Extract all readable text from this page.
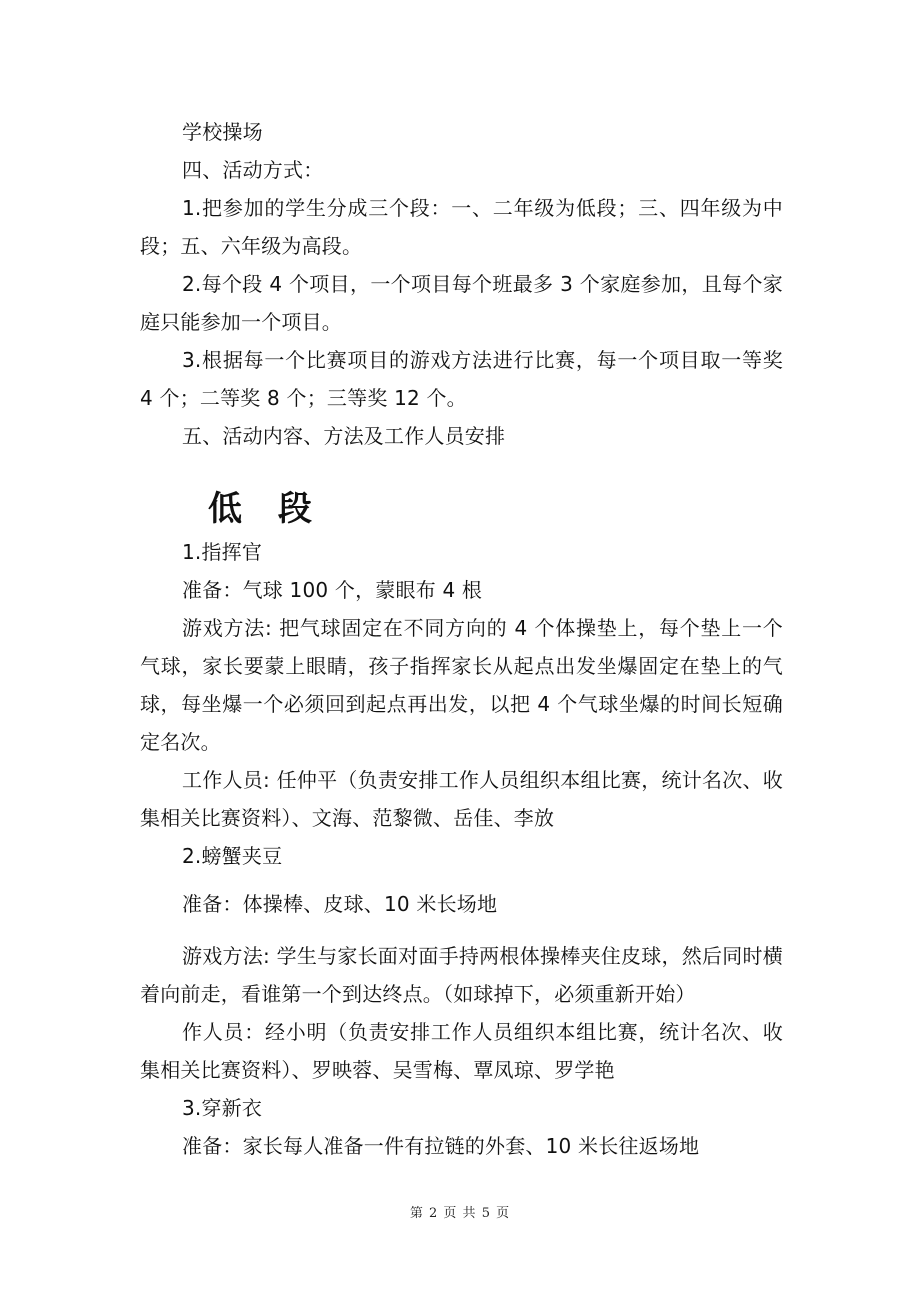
学校操场

四、活动方式：

1.把参加的学生分成三个段：一、二年级为低段；三、四年级为中段；五、六年级为高段。

2.每个段 4 个项目，一个项目每个班最多 3 个家庭参加，且每个家庭只能参加一个项目。

3.根据每一个比赛项目的游戏方法进行比赛，每一个项目取一等奖 4 个；二等奖 8 个；三等奖 12 个。

五、活动内容、方法及工作人员安排

低 段

1.指挥官

准备：气球 100 个，蒙眼布 4 根

游戏方法: 把气球固定在不同方向的 4 个体操垫上，每个垫上一个气球，家长要蒙上眼睛，孩子指挥家长从起点出发坐爆固定在垫上的气球，每坐爆一个必须回到起点再出发，以把 4 个气球坐爆的时间长短确定名次。

工作人员: 任仲平（负责安排工作人员组织本组比赛，统计名次、收集相关比赛资料）、文海、范黎微、岳佳、李放

2.螃蟹夹豆

准备：体操棒、皮球、10 米长场地

游戏方法: 学生与家长面对面手持两根体操棒夹住皮球，然后同时横着向前走，看谁第一个到达终点。（如球掉下，必须重新开始）

作人员：经小明（负责安排工作人员组织本组比赛，统计名次、收集相关比赛资料）、罗映蓉、吴雪梅、覃凤琼、罗学艳

3.穿新衣

准备：家长每人准备一件有拉链的外套、10 米长往返场地

第 2 页 共 5 页
